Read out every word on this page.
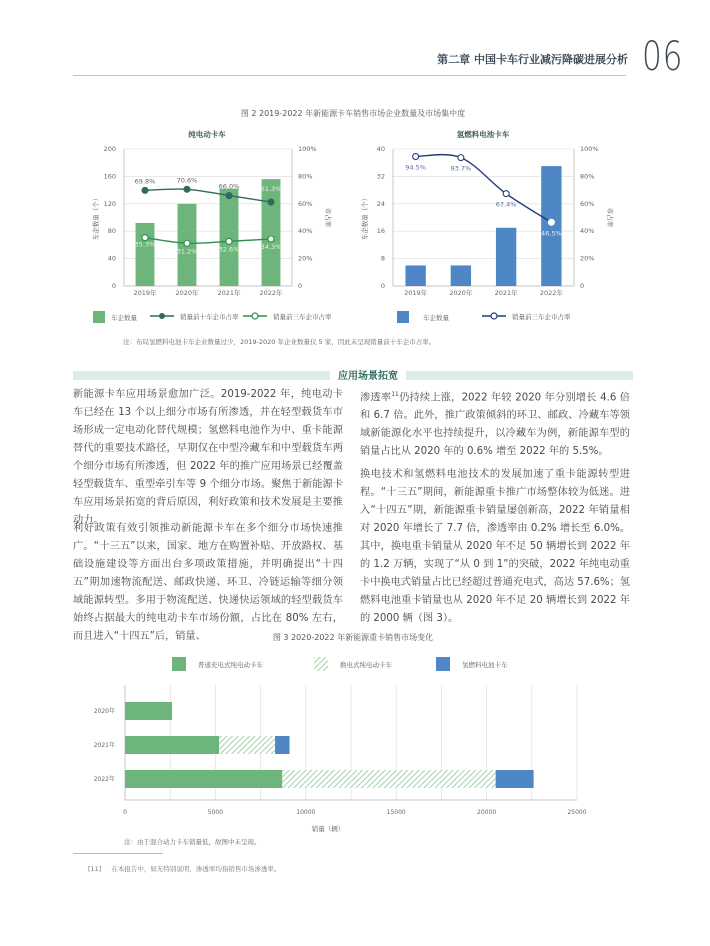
第二章 中国卡车行业减污降碳进展分析 06
图 2 2019-2022 年新能源卡车销售市场企业数量及市场集中度
纯电动卡车	氢燃料电池卡车
0
40
80
120
160
200
0
20%
40%
60%
80%
100%
车企数量（个）	市占率
2019年	2020年	2021年	2022年
69.8%	70.6%
66.0%	61.3%
35.3%
31.2%	32.6%	34.3%
0
8
16
24
32
40
0
20%
40%
60%
80%
100%
车企数量（个）	市占率
2019年	2020年	2021年	2022年
94.5%	93.7%
67.4%
46.5%
车企数量	销量前十车企市占率	销量前三车企市占率	车企数量	销量前三车企市占率
注：布局氢燃料电池卡车企业数量过少，2019-2020 年企业数量仅 5 家，因此未呈现销量前十车企市占率。
应用场景拓宽
新能源卡车应用场景愈加广泛。2019-2022 年，纯电动卡车已经在 13 个以上细分市场有所渗透，并在轻型载货车市场形成一定电动化替代规模；氢燃料电池作为中、重卡能源替代的重要技术路径，早期仅在中型冷藏车和中型载货车两个细分市场有所渗透，但 2022 年的推广应用场景已经覆盖轻型载货车、重型牵引车等 9 个细分市场。聚焦于新能源卡车应用场景拓宽的背后原因，利好政策和技术发展是主要推动力。
利好政策有效引领推动新能源卡车在多个细分市场快速推广。“十三五”以来，国家、地方在购置补贴、开放路权、基础设施建设等方面出台多项政策措施，并明确提出“十四五”期加速物流配送、邮政快递、环卫、冷链运输等细分领域能源转型。多用于物流配送、快递快运领域的轻型载货车始终占据最大的纯电动卡车市场份额，占比在 80% 左右，而且进入“十四五”后，销量、
渗透率$^{11}$仍持续上涨，2022 年较 2020 年分别增长 4.6 倍和 6.7 倍。此外，推广政策倾斜的环卫、邮政、冷藏车等领域新能源化水平也持续提升，以冷藏车为例，新能源车型的销量占比从 2020 年的 0.6% 增至 2022 年的 5.5%。
换电技术和氢燃料电池技术的发展加速了重卡能源转型进程。“十三五”期间，新能源重卡推广市场整体较为低迷。进入“十四五”期，新能源重卡销量屡创新高，2022 年销量相对 2020 年增长了 7.7 倍，渗透率由 0.2% 增长至 6.0%。其中，换电重卡销量从 2020 年不足 50 辆增长到 2022 年的 1.2 万辆，实现了“从 0 到 1”的突破，2022 年纯电动重卡中换电式销量占比已经超过普通充电式，高达 57.6%；氢燃料电池重卡销量也从 2020 年不足 20 辆增长到 2022 年的 2000 辆（图 3）。
图 3 2020-2022 年新能源重卡销售市场变化
普通充电式纯电动卡车	换电式纯电动卡车	氢燃料电池卡车
0	5000	10000	15000	20000	25000
2020年
2021年
2022年
销量（辆）
注：由于混合动力卡车销量低，故图中未呈现。
[11] 在本报告中，如无特别说明，渗透率均指销售市场渗透率。
